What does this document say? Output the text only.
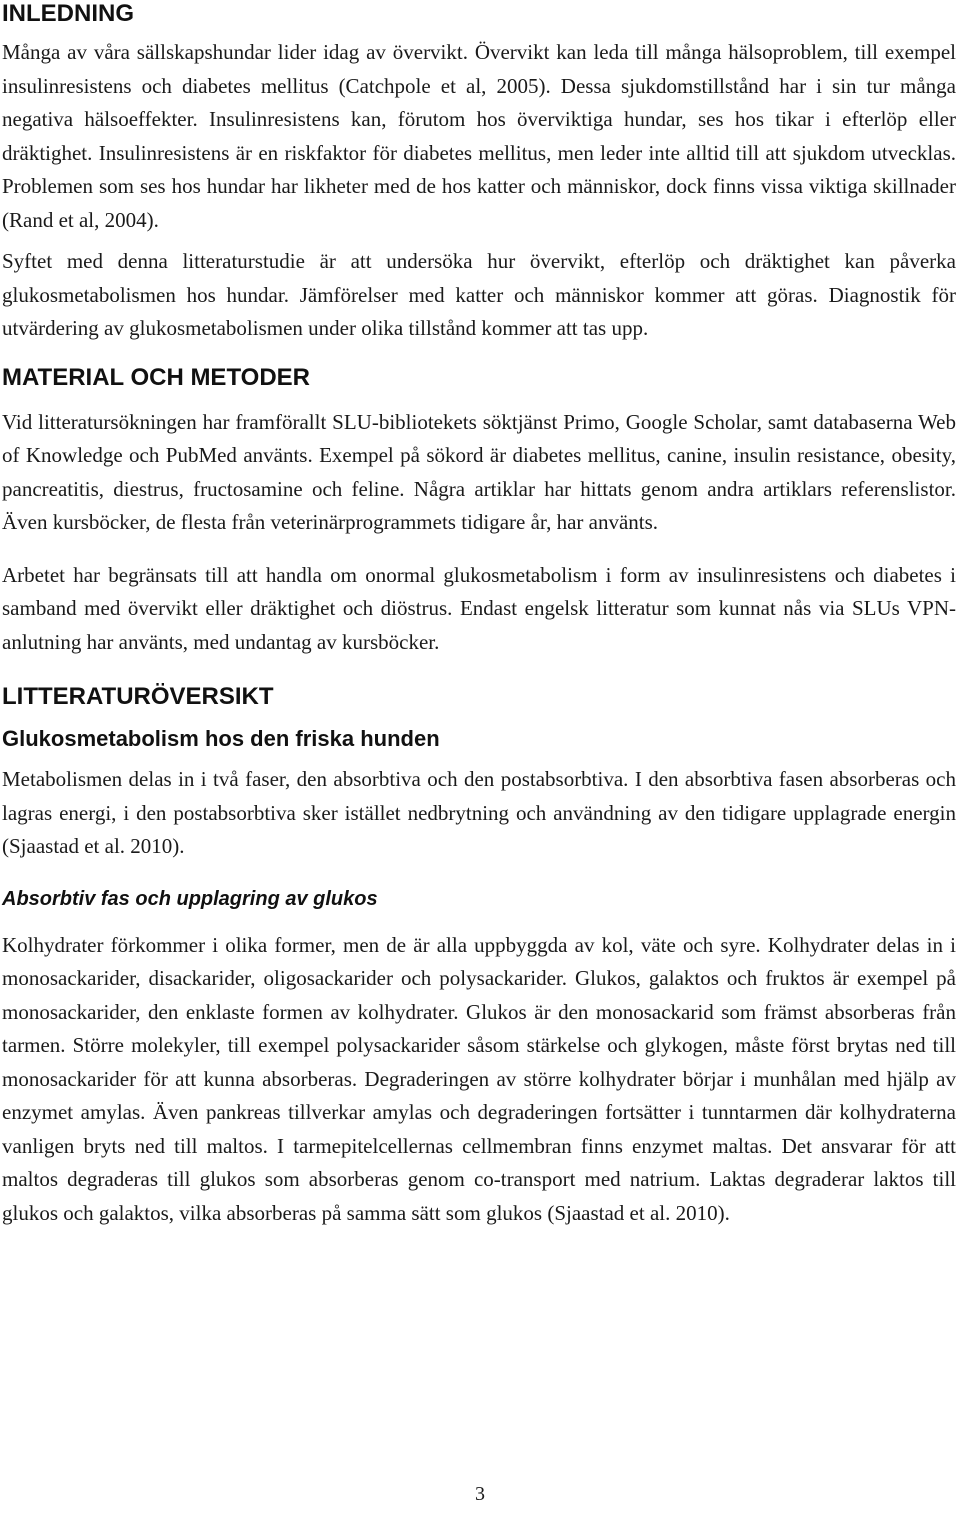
INLEDNING

Många av våra sällskapshundar lider idag av övervikt. Övervikt kan leda till många hälsoproblem, till exempel insulinresistens och diabetes mellitus (Catchpole et al, 2005). Dessa sjukdomstillstånd har i sin tur många negativa hälsoeffekter. Insulinresistens kan, förutom hos överviktiga hundar, ses hos tikar i efterlöp eller dräktighet. Insulinresistens är en riskfaktor för diabetes mellitus, men leder inte alltid till att sjukdom utvecklas. Problemen som ses hos hundar har likheter med de hos katter och människor, dock finns vissa viktiga skillnader (Rand et al, 2004).

Syftet med denna litteraturstudie är att undersöka hur övervikt, efterlöp och dräktighet kan påverka glukosmetabolismen hos hundar. Jämförelser med katter och människor kommer att göras. Diagnostik för utvärdering av glukosmetabolismen under olika tillstånd kommer att tas upp.

MATERIAL OCH METODER

Vid litteratursökningen har framförallt SLU-bibliotekets söktjänst Primo, Google Scholar, samt databaserna Web of Knowledge och PubMed använts. Exempel på sökord är diabetes mellitus, canine, insulin resistance, obesity, pancreatitis, diestrus, fructosamine och feline. Några artiklar har hittats genom andra artiklars referenslistor. Även kursböcker, de flesta från veterinärprogrammets tidigare år, har använts.

Arbetet har begränsats till att handla om onormal glukosmetabolism i form av insulinresistens och diabetes i samband med övervikt eller dräktighet och diöstrus. Endast engelsk litteratur som kunnat nås via SLUs VPN-anlutning har använts, med undantag av kursböcker.

LITTERATURÖVERSIKT
Glukosmetabolism hos den friska hunden

Metabolismen delas in i två faser, den absorbtiva och den postabsorbtiva. I den absorbtiva fasen absorberas och lagras energi, i den postabsorbtiva sker istället nedbrytning och användning av den tidigare upplagrade energin (Sjaastad et al. 2010).

Absorbtiv fas och upplagring av glukos

Kolhydrater förkommer i olika former, men de är alla uppbyggda av kol, väte och syre. Kolhydrater delas in i monosackarider, disackarider, oligosackarider och polysackarider. Glukos, galaktos och fruktos är exempel på monosackarider, den enklaste formen av kolhydrater. Glukos är den monosackarid som främst absorberas från tarmen. Större molekyler, till exempel polysackarider såsom stärkelse och glykogen, måste först brytas ned till monosackarider för att kunna absorberas. Degraderingen av större kolhydrater börjar i munhålan med hjälp av enzymet amylas. Även pankreas tillverkar amylas och degraderingen fortsätter i tunntarmen där kolhydraterna vanligen bryts ned till maltos. I tarmepitelcellernas cellmembran finns enzymet maltas. Det ansvarar för att maltos degraderas till glukos som absorberas genom co-transport med natrium. Laktas degraderar laktos till glukos och galaktos, vilka absorberas på samma sätt som glukos (Sjaastad et al. 2010).

3
